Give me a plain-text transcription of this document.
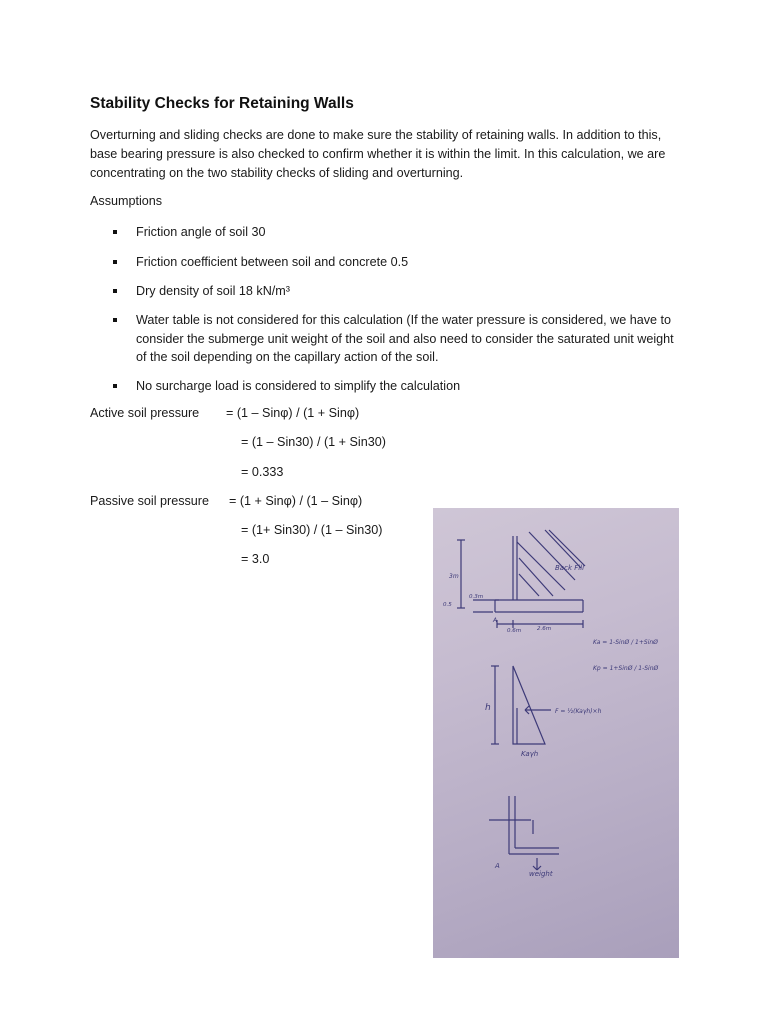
Stability Checks for Retaining Walls

Overturning and sliding checks are done to make sure the stability of retaining walls. In addition to this, base bearing pressure is also checked to confirm whether it is within the limit. In this calculation, we are concentrating on the two stability checks of sliding and overturning.

Assumptions

Friction angle of soil 30
Friction coefficient between soil and concrete 0.5
Dry density of soil 18 kN/m³
Water table is not considered for this calculation (If the water pressure is considered, we have to consider the submerge unit weight of the soil and also need to consider the saturated unit weight of the soil depending on the capillary action of the soil.
No surcharge load is considered to simplify the calculation
Active soil pressure = (1 – Sinφ) / (1 + Sinφ)
= (1 – Sin30) / (1 + Sin30)
= 0.333
Passive soil pressure = (1 + Sinφ) / (1 – Sinφ)
= (1+ Sin30) / (1 – Sin30)
= 3.0
Back Fill
3m
0.5
0.3m
0.6m	2.6m
A
Ka = 1-SinØ / 1+SinØ
Kp = 1+SinØ / 1-SinØ
h	F = ½(Kaγh)×h
Kaγh
A
weight
